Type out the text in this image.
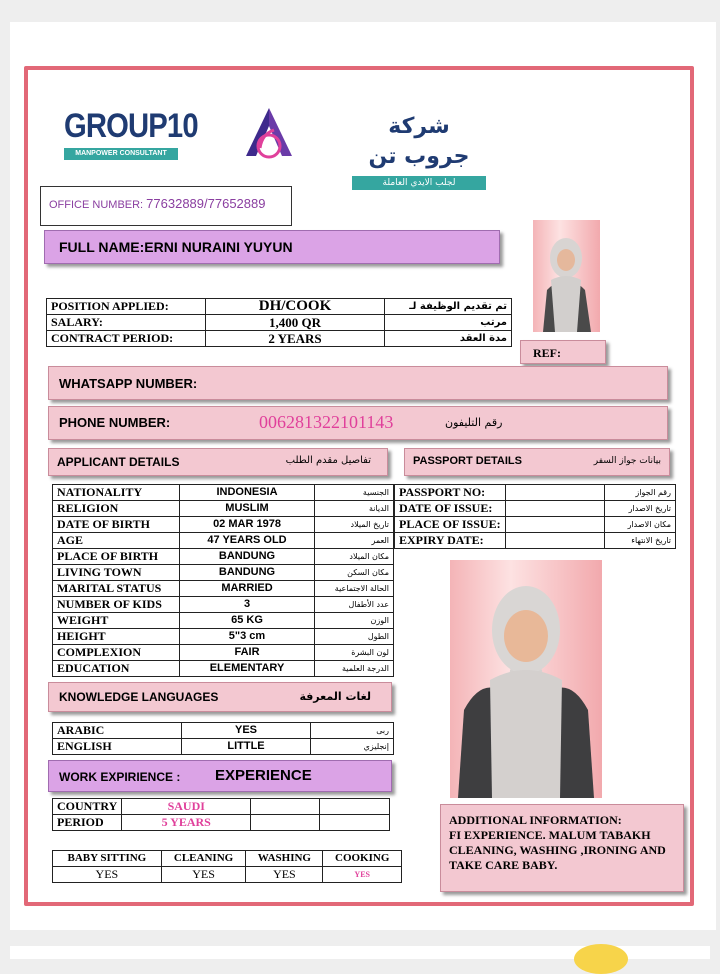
GROUP10
MANPOWER CONSULTANT
شركة جروب تن
لجلب الايدي العاملة
OFFICE NUMBER: 77632889/77652889
FULL NAME:ERNI NURAINI YUYUN
POSITION APPLIED:	DH/COOK	تم تقديم الوظيفة لـ
SALARY:	1,400 QR	مرتب
CONTRACT PERIOD:	2 YEARS	مدة العقد
REF:
WHATSAPP NUMBER:
PHONE NUMBER:	006281322101143	رقم التليفون
APPLICANT DETAILS	تفاصيل مقدم الطلب	PASSPORT DETAILS	بيانات جواز السفر
NATIONALITY	INDONESIA	الجنسية
RELIGION	MUSLIM	الديانة
DATE OF BIRTH	02 MAR 1978	تاريخ الميلاد
AGE	47 YEARS OLD	العمر
PLACE OF BIRTH	BANDUNG	مكان الميلاد
LIVING TOWN	BANDUNG	مكان السكن
MARITAL STATUS	MARRIED	الحالة الاجتماعية
NUMBER OF KIDS	3	عدد الأطفال
WEIGHT	65 KG	الوزن
HEIGHT	5"3 cm	الطول
COMPLEXION	FAIR	لون البشرة
EDUCATION	ELEMENTARY	الدرجة العلمية
PASSPORT NO:		رقم الجواز
DATE OF ISSUE:		تاريخ الاصدار
PLACE OF ISSUE:		مكان الاصدار
EXPIRY DATE:		تاريخ الانتهاء
KNOWLEDGE LANGUAGES	لغات المعرفة
ARABIC	YES	ربى
ENGLISH	LITTLE	إنجليزي
WORK EXPIRIENCE : EXPERIENCE
COUNTRY	SAUDI		
PERIOD	5 YEARS		
BABY SITTING	CLEANING	WASHING	COOKING
YES	YES	YES	YES
ADDITIONAL INFORMATION:
FI EXPERIENCE. MALUM TABAKH CLEANING, WASHING ,IRONING AND TAKE CARE BABY.
